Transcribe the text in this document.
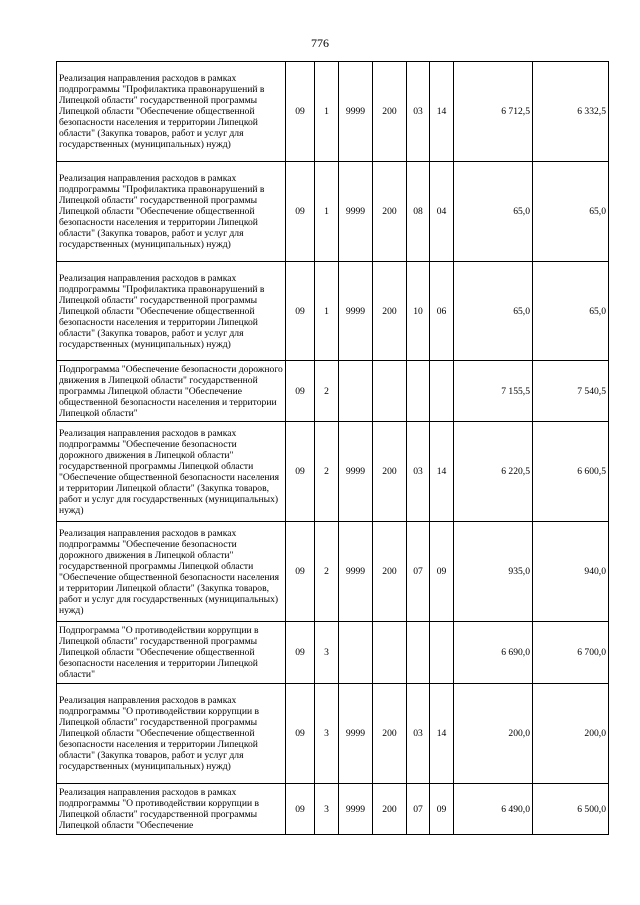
776
Реализация направления расходов в рамках подпрограммы "Профилактика правонарушений в Липецкой области" государственной программы Липецкой области "Обеспечение общественной безопасности населения и территории Липецкой области" (Закупка товаров, работ и услуг для государственных (муниципальных) нужд)	09	1	9999	200	03	14	6 712,5	6 332,5
Реализация направления расходов в рамках подпрограммы "Профилактика правонарушений в Липецкой области" государственной программы Липецкой области "Обеспечение общественной безопасности населения и территории Липецкой области" (Закупка товаров, работ и услуг для государственных (муниципальных) нужд)	09	1	9999	200	08	04	65,0	65,0
Реализация направления расходов в рамках подпрограммы "Профилактика правонарушений в Липецкой области" государственной программы Липецкой области "Обеспечение общественной безопасности населения и территории Липецкой области" (Закупка товаров, работ и услуг для государственных (муниципальных) нужд)	09	1	9999	200	10	06	65,0	65,0
Подпрограмма "Обеспечение безопасности дорожного движения в Липецкой области" государственной программы Липецкой области "Обеспечение общественной безопасности населения и территории Липецкой области"	09	2					7 155,5	7 540,5
Реализация направления расходов в рамках подпрограммы "Обеспечение безопасности дорожного движения в Липецкой области" государственной программы Липецкой области "Обеспечение общественной безопасности населения и территории Липецкой области" (Закупка товаров, работ и услуг для государственных (муниципальных) нужд)	09	2	9999	200	03	14	6 220,5	6 600,5
Реализация направления расходов в рамках подпрограммы "Обеспечение безопасности дорожного движения в Липецкой области" государственной программы Липецкой области "Обеспечение общественной безопасности населения и территории Липецкой области" (Закупка товаров, работ и услуг для государственных (муниципальных) нужд)	09	2	9999	200	07	09	935,0	940,0
Подпрограмма "О противодействии коррупции в Липецкой области" государственной программы Липецкой области "Обеспечение общественной безопасности населения и территории Липецкой области"	09	3					6 690,0	6 700,0
Реализация направления расходов в рамках подпрограммы "О противодействии коррупции в Липецкой области" государственной программы Липецкой области "Обеспечение общественной безопасности населения и территории Липецкой области" (Закупка товаров, работ и услуг для государственных (муниципальных) нужд)	09	3	9999	200	03	14	200,0	200,0
Реализация направления расходов в рамках подпрограммы "О противодействии коррупции в Липецкой области" государственной программы Липецкой области "Обеспечение	09	3	9999	200	07	09	6 490,0	6 500,0
